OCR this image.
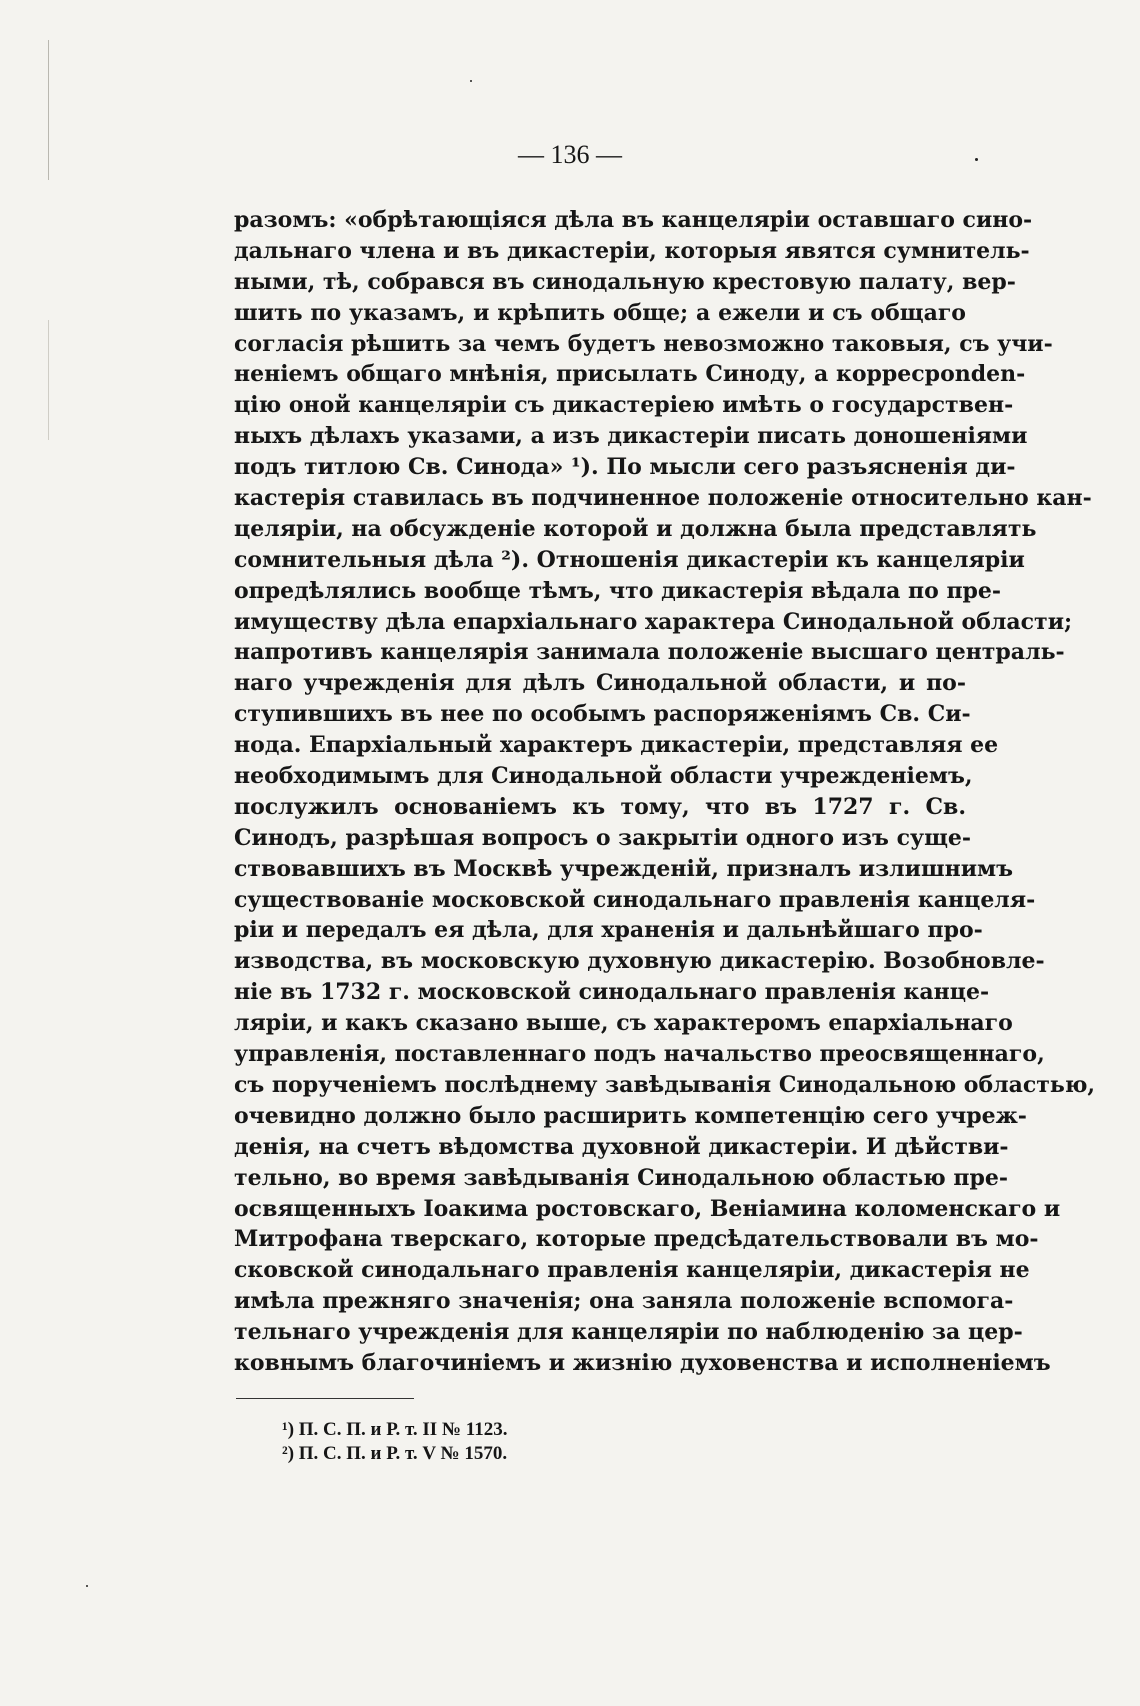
— 136 —
разомъ: «обрѣтающіяся дѣла въ канцеляріи оставшаго сино-
дальнаго члена и въ дикастеріи, которыя явятся сумнитель-
ными, тѣ, собрався въ синодальную крестовую палату, вер-
шить по указамъ, и крѣпить обще; а ежели и съ общаго
согласія рѣшить за чемъ будетъ невозможно таковыя, съ учи-
неніемъ общаго мнѣнія, присылать Синоду, а корресponden-
цію оной канцеляріи съ дикастеріею имѣть о государствен-
ныхъ дѣлахъ указами, а изъ дикастеріи писать доношеніями
подъ титлою Св. Синода» ¹). По мысли сего разъясненія ди-
кастерія ставилась въ подчиненное положеніе относительно кан-
целяріи, на обсужденіе которой и должна была представлять
сомнительныя дѣла ²). Отношенія дикастеріи къ канцеляріи
опредѣлялись вообще тѣмъ, что дикастерія вѣдала по пре-
имуществу дѣла епархіальнаго характера Синодальной области;
напротивъ канцелярія занимала положеніе высшаго централь-
наго учрежденія для дѣлъ Синодальной области, и по-
ступившихъ въ нее по особымъ распоряженіямъ Св. Си-
нода. Епархіальный характеръ дикастеріи, представляя ее
необходимымъ для Синодальной области учрежденіемъ,
послужилъ основаніемъ къ тому, что въ 1727 г. Св.
Синодъ, разрѣшая вопросъ о закрытіи одного изъ суще-
ствовавшихъ въ Москвѣ учрежденій, призналъ излишнимъ
существованіе московской синодальнаго правленія канцеля-
ріи и передалъ ея дѣла, для храненія и дальнѣйшаго про-
изводства, въ московскую духовную дикастерію. Возобновле-
ніе въ 1732 г. московской синодальнаго правленія канце-
ляріи, и какъ сказано выше, съ характеромъ епархіальнаго
управленія, поставленнаго подъ начальство преосвященнаго,
съ порученіемъ послѣднему завѣдыванія Синодальною областью,
очевидно должно было расширить компетенцію сего учреж-
денія, на счетъ вѣдомства духовной дикастеріи. И дѣйстви-
тельно, во время завѣдыванія Синодальною областью пре-
освященныхъ Іоакима ростовскаго, Веніамина коломенскаго и
Митрофана тверскаго, которые предсѣдательствовали въ мо-
сковской синодальнаго правленія канцеляріи, дикастерія не
имѣла прежняго значенія; она заняла положеніе вспомога-
тельнаго учрежденія для канцеляріи по наблюденію за цер-
ковнымъ благочиніемъ и жизнію духовенства и исполненіемъ
¹) П. С. П. и Р. т. II № 1123.
²) П. С. П. и Р. т. V № 1570.
